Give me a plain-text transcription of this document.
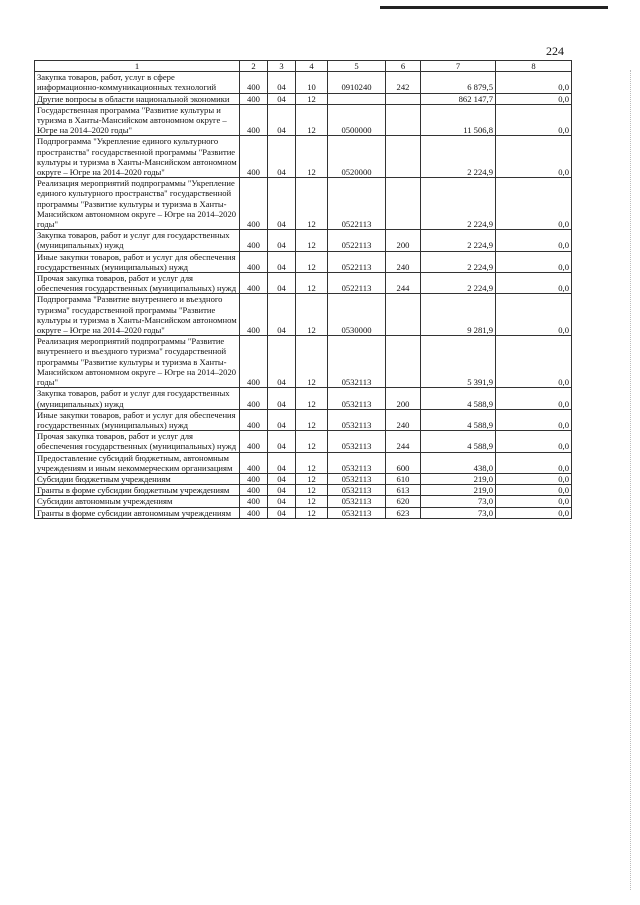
224
1	2	3	4	5	6	7	8
Закупка товаров, работ, услуг в сфере информационно-коммуникационных технологий	400	04	10	0910240	242	6 879,5	0,0
Другие вопросы в области национальной экономики	400	04	12			862 147,7	0,0
Государственная программа "Развитие культуры и туризма в Ханты-Мансийском автономном округе – Югре на 2014–2020 годы"	400	04	12	0500000		11 506,8	0,0
Подпрограмма "Укрепление единого культурного пространства" государственной программы "Развитие культуры и туризма в Ханты-Мансийском автономном округе – Югре на 2014–2020 годы"	400	04	12	0520000		2 224,9	0,0
Реализация мероприятий подпрограммы "Укрепление единого культурного пространства" государственной программы "Развитие культуры и туризма в Ханты-Мансийском автономном округе – Югре на 2014–2020 годы"	400	04	12	0522113		2 224,9	0,0
Закупка товаров, работ и услуг для государственных (муниципальных) нужд	400	04	12	0522113	200	2 224,9	0,0
Иные закупки товаров, работ и услуг для обеспечения государственных (муниципальных) нужд	400	04	12	0522113	240	2 224,9	0,0
Прочая закупка товаров, работ и услуг для обеспечения государственных (муниципальных) нужд	400	04	12	0522113	244	2 224,9	0,0
Подпрограмма "Развитие внутреннего и въездного туризма" государственной программы "Развитие культуры и туризма в Ханты-Мансийском автономном округе – Югре на 2014–2020 годы"	400	04	12	0530000		9 281,9	0,0
Реализация мероприятий подпрограммы "Развитие внутреннего и въездного туризма" государственной программы "Развитие культуры и туризма в Ханты-Мансийском автономном округе – Югре на 2014–2020 годы"	400	04	12	0532113		5 391,9	0,0
Закупка товаров, работ и услуг для государственных (муниципальных) нужд	400	04	12	0532113	200	4 588,9	0,0
Иные закупки товаров, работ и услуг для обеспечения государственных (муниципальных) нужд	400	04	12	0532113	240	4 588,9	0,0
Прочая закупка товаров, работ и услуг для обеспечения государственных (муниципальных) нужд	400	04	12	0532113	244	4 588,9	0,0
Предоставление субсидий бюджетным, автономным учреждениям и иным некоммерческим организациям	400	04	12	0532113	600	438,0	0,0
Субсидии бюджетным учреждениям	400	04	12	0532113	610	219,0	0,0
Гранты в форме субсидии бюджетным учреждениям	400	04	12	0532113	613	219,0	0,0
Субсидии автономным учреждениям	400	04	12	0532113	620	73,0	0,0
Гранты в форме субсидии автономным учреждениям	400	04	12	0532113	623	73,0	0,0
